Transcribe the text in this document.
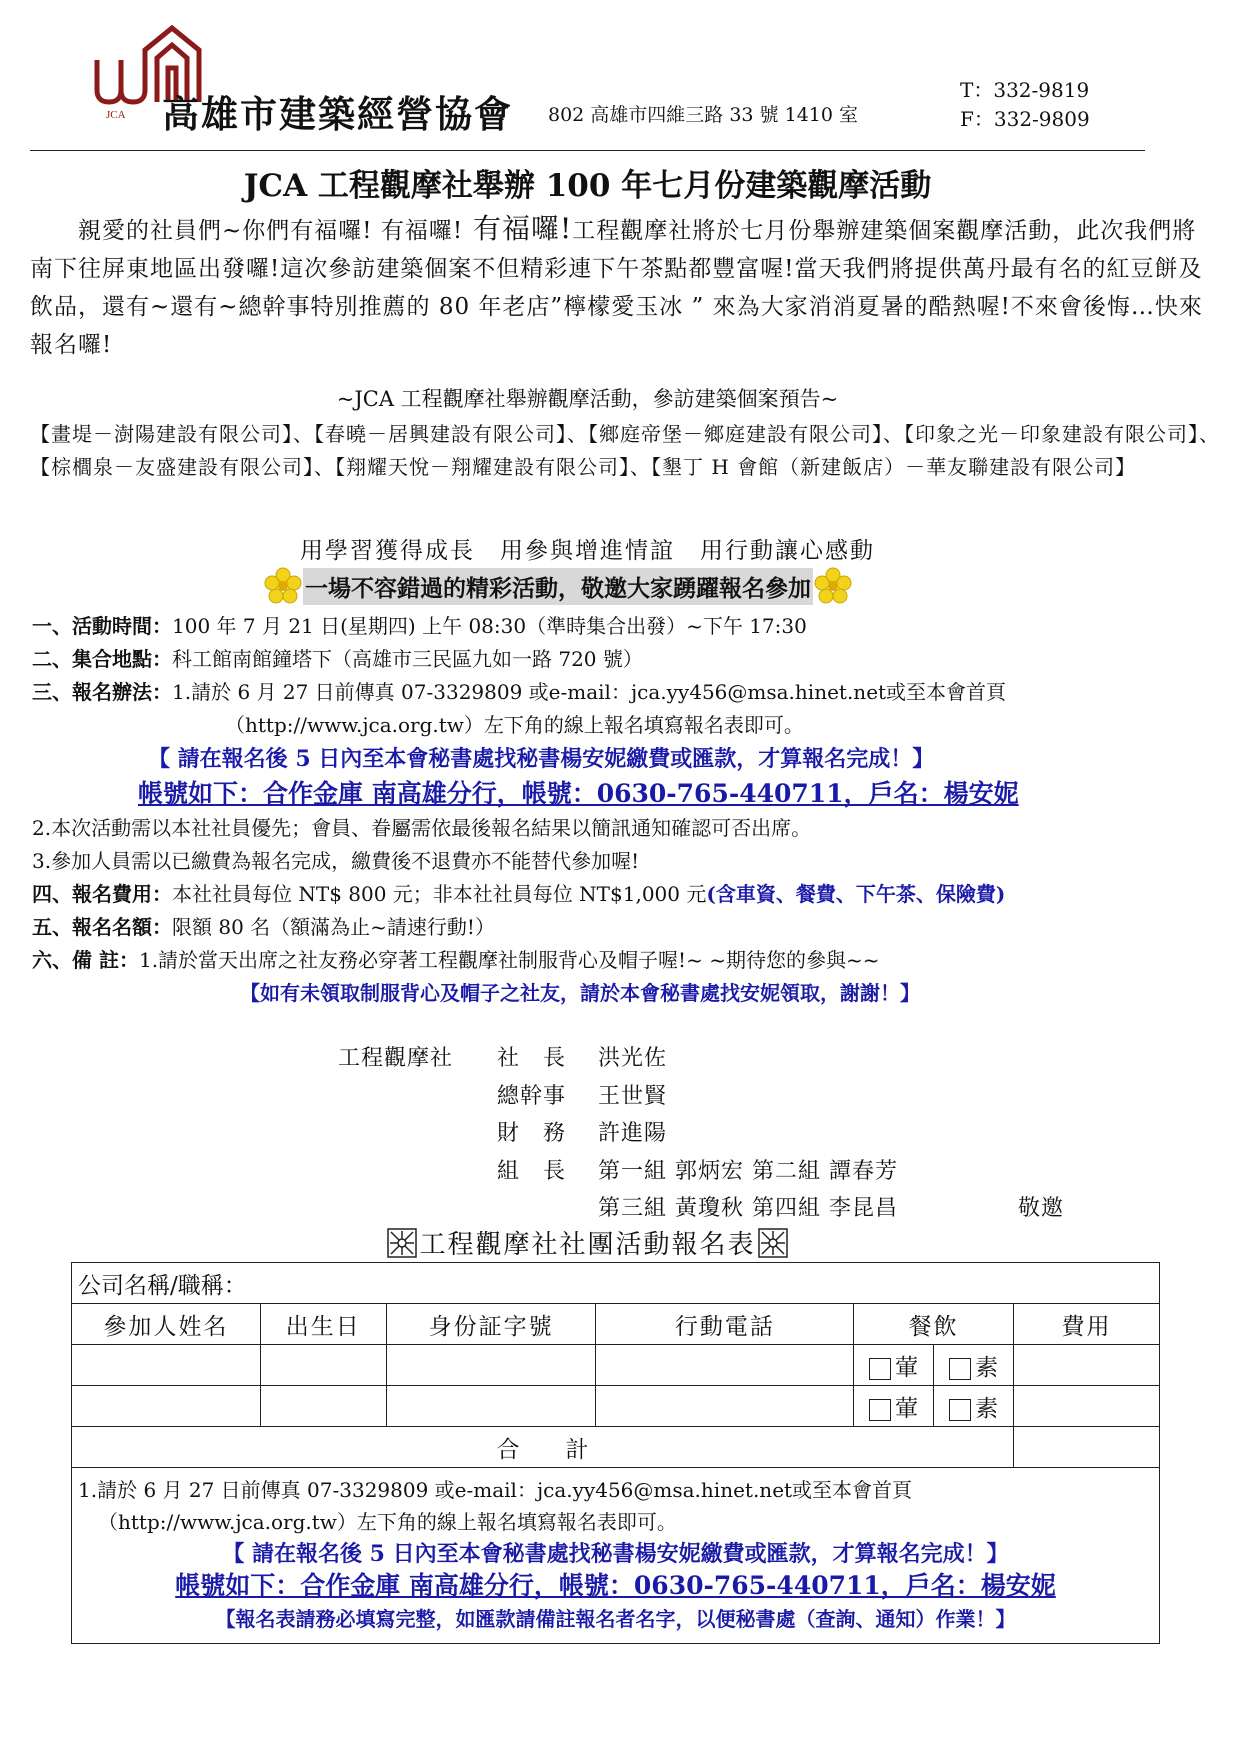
JCA 高雄市建築經營協會 802 高雄市四維三路 33 號 1410 室
T：332-9819
F：332-9809
JCA 工程觀摩社舉辦 100 年七月份建築觀摩活動
  親愛的社員們~你們有福囉! 有福囉! 有福囉!工程觀摩社將於七月份舉辦建築個案觀摩活動，此次我們將南下往屏東地區出發囉!這次參訪建築個案不但精彩連下午茶點都豐富喔!當天我們將提供萬丹最有名的紅豆餅及飲品，還有~還有~總幹事特別推薦的 80 年老店”檸檬愛玉冰 ” 來為大家消消夏暑的酷熱喔!不來會後悔…快來報名囉!
~JCA 工程觀摩社舉辦觀摩活動，參訪建築個案預告~
【畫堤－澍陽建設有限公司】、【春曉－居興建設有限公司】、【鄉庭帝堡－鄉庭建設有限公司】、【印象之光－印象建設有限公司】、【棕櫚泉－友盛建設有限公司】、【翔耀天悅－翔耀建設有限公司】、【墾丁 H 會館（新建飯店）－華友聯建設有限公司】
用學習獲得成長　用參與增進情誼　用行動讓心感動
一場不容錯過的精彩活動，敬邀大家踴躍報名參加
一、活動時間：100 年 7 月 21 日(星期四) 上午 08:30（準時集合出發）~下午 17:30
二、集合地點：科工館南館鐘塔下（高雄市三民區九如一路 720 號）
三、報名辦法：1.請於 6 月 27 日前傳真 07-3329809 或e-mail：jca.yy456@msa.hinet.net或至本會首頁
（http://www.jca.org.tw）左下角的線上報名填寫報名表即可。
【 請在報名後 5 日內至本會秘書處找秘書楊安妮繳費或匯款，才算報名完成！】
帳號如下：合作金庫 南高雄分行，帳號：0630-765-440711，戶名：楊安妮
2.本次活動需以本社社員優先；會員、眷屬需依最後報名結果以簡訊通知確認可否出席。
3.參加人員需以已繳費為報名完成，繳費後不退費亦不能替代參加喔!
四、報名費用：本社社員每位 NT$ 800 元；非本社社員每位 NT$1,000 元(含車資、餐費、下午茶、保險費)
五、報名名額：限額 80 名（額滿為止~請速行動!）
六、備 註：1.請於當天出席之社友務必穿著工程觀摩社制服背心及帽子喔!~ ~期待您的參與~~
【如有未領取制服背心及帽子之社友，請於本會秘書處找安妮領取，謝謝！】
工程觀摩社 社　長 洪光佐
總幹事 王世賢
財　務 許進陽
組　長 第一組 郭炳宏 第二組 譚春芳
第三組 黃瓊秋 第四組 李昆昌	敬邀
工程觀摩社社團活動報名表
公司名稱/職稱：						
參加人姓名	出生日	身份証字號	行動電話	餐飲		費用
				葷	素	
				葷	素	
合　　計						

1.請於 6 月 27 日前傳真 07-3329809 或e-mail：jca.yy456@msa.hinet.net或至本會首頁
（http://www.jca.org.tw）左下角的線上報名填寫報名表即可。
【 請在報名後 5 日內至本會秘書處找秘書楊安妮繳費或匯款，才算報名完成！】
帳號如下：合作金庫 南高雄分行，帳號：0630-765-440711，戶名：楊安妮
【報名表請務必填寫完整，如匯款請備註報名者名字，以便秘書處（查詢、通知）作業！】						
